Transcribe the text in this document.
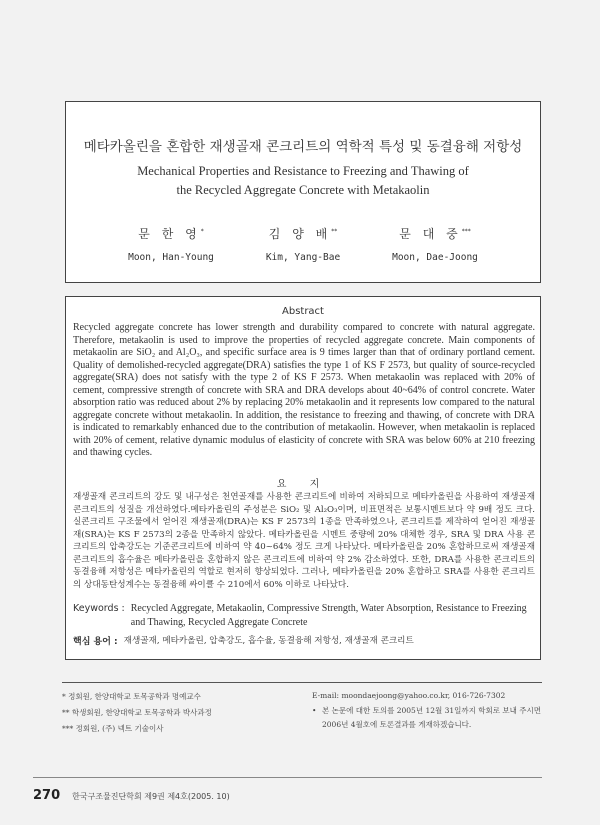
메타카올린을 혼합한 재생골재 콘크리트의 역학적 특성 및 동결융해 저항성
Mechanical Properties and Resistance to Freezing and Thawing of
the Recycled Aggregate Concrete with Metakaolin
문 한 영*
Moon, Han-Young
김 양 배**
Kim, Yang-Bae
문 대 중***
Moon, Dae-Joong
Abstract
Recycled aggregate concrete has lower strength and durability compared to concrete with natural aggregate. Therefore, metakaolin is used to improve the properties of recycled aggregate concrete. Main components of metakaolin are SiO₂ and Al₂O₃, and specific surface area is 9 times larger than that of ordinary portland cement. Quality of demolished-recycled aggregate(DRA) satisfies the type 1 of KS F 2573, but quality of source-recycled aggregate(SRA) does not satisfy with the type 2 of KS F 2573. When metakaolin was replaced with 20% of cement, compressive strength of concrete with SRA and DRA develops about 40~64% of control concrete. Water absorption ratio was reduced about 2% by replacing 20% metakaolin and it represents low compared to the natural aggregate concrete without metakaolin. In addition, the resistance to freezing and thawing, of concrete with DRA is indicated to remarkably enhanced due to the contribution of metakaolin. However, when metakaolin is replaced with 20% of cement, relative dynamic modulus of elasticity of concrete with SRA was below 60% at 210 freezing and thawing cycles.
요 지
재생골재 콘크리트의 강도 및 내구성은 천연골재를 사용한 콘크리트에 비하여 저하되므로 메타카올린을 사용하여 재생골재 콘크리트의 성질을 개선하였다.메타카올린의 주성분은 SiO₂ 및 Al₂O₃이며, 비표면적은 보통시멘트보다 약 9배 정도 크다. 실콘크리트 구조물에서 얻어진 재생골재(DRA)는 KS F 2573의 1종을 만족하였으나, 콘크리트를 제작하여 얻어진 재생골재(SRA)는 KS F 2573의 2종을 만족하지 않았다. 메타카올린을 시멘트 중량에 20% 대체한 경우, SRA 및 DRA 사용 콘크리트의 압축강도는 기준콘크리트에 비하여 약 40~64% 정도 크게 나타났다. 메타카올린을 20% 혼합하므로써 재생골재 콘크리트의 흡수율은 메타카올린을 혼합하지 않은 콘크리트에 비하여 약 2% 감소하였다. 또한, DRA를 사용한 콘크리트의 동결융해 저항성은 메타카올린의 역할로 현저히 향상되었다. 그러나, 메타카올린을 20% 혼합하고 SRA를 사용한 콘크리트의 상대동탄성계수는 동결융해 싸이클 수 210에서 60% 이하로 나타났다.
Keywords : Recycled Aggregate, Metakaolin, Compressive Strength, Water Absorption, Resistance to Freezing and Thawing, Recycled Aggregate Concrete
핵심 용어 : 재생골재, 메타카올린, 압축강도, 흡수율, 동결융해 저항성, 재생골재 콘크리트
* 정회원, 한양대학교 토목공학과 명예교수
** 학생회원, 한양대학교 토목공학과 박사과정
*** 정회원, (주) 넥트 기술이사
E-mail: moondaejoong@yahoo.co.kr, 016-726-7302
• 본 논문에 대한 토의를 2005년 12월 31일까지 학회로 보내 주시면 2006년 4월호에 토론결과를 게재하겠습니다.
270 한국구조물진단학회 제9권 제4호(2005. 10)
